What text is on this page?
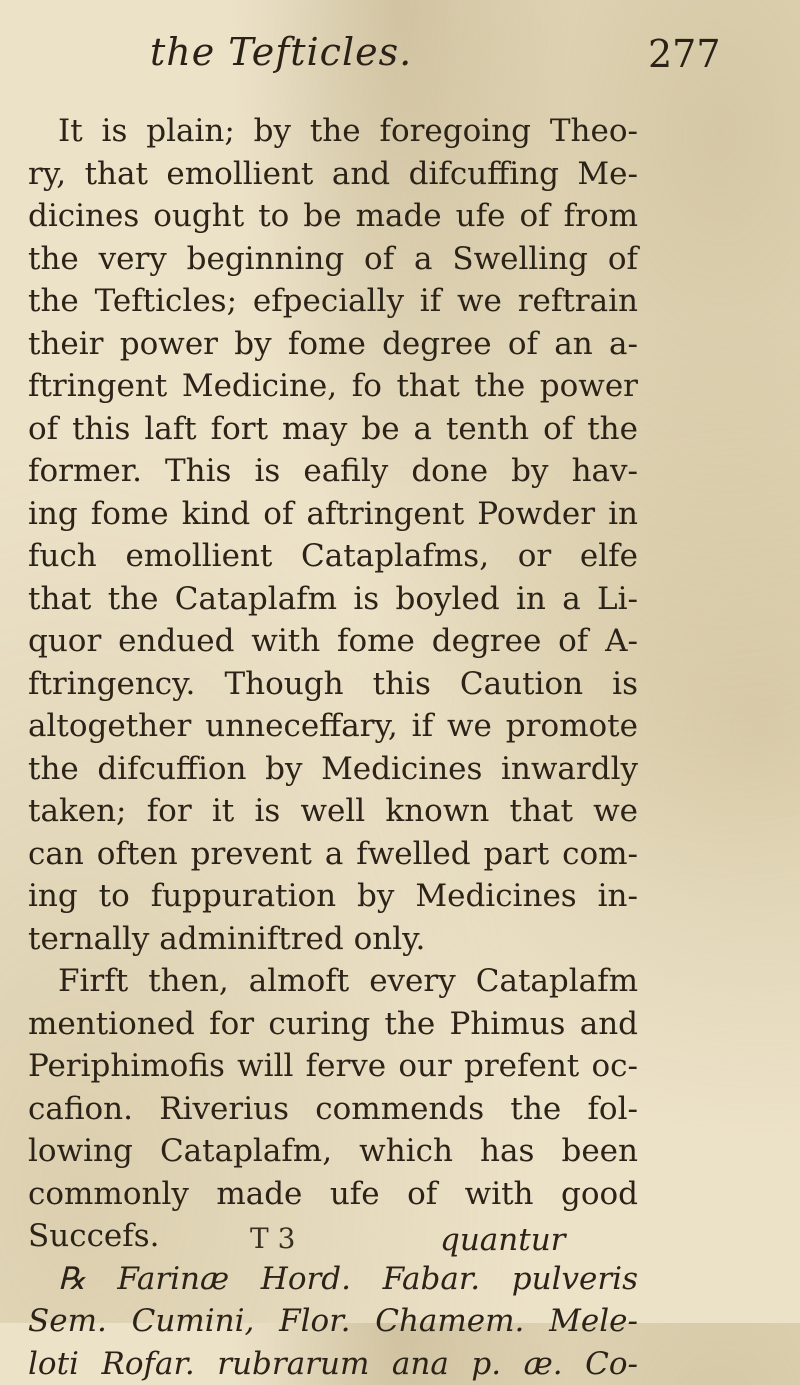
the Tefticles.	277
It is plain; by the foregoing Theo-
ry, that emollient and difcuffing Me-
dicines ought to be made ufe of from
the very beginning of a Swelling of
the Tefticles; efpecially if we reftrain
their power by fome degree of an a-
ftringent Medicine, fo that the power
of this laft fort may be a tenth of the
former. This is eafily done by hav-
ing fome kind of aftringent Powder in
fuch emollient Cataplafms, or elfe
that the Cataplafm is boyled in a Li-
quor endued with fome degree of A-
ftringency. Though this Caution is
altogether unneceffary, if we promote
the difcuffion by Medicines inwardly
taken; for it is well known that we
can often prevent a fwelled part com-
ing to fuppuration by Medicines in-
ternally adminiftred only.
Firft then, almoft every Cataplafm
mentioned for curing the Phimus and
Periphimofis will ferve our prefent oc-
cafion. Riverius commends the fol-
lowing Cataplafm, which has been
commonly made ufe of with good
Succefs.
℞ Farinæ Hord. Fabar. pulveris
Sem. Cumini, Flor. Chamem. Mele-
loti Rofar. rubrarum ana p. æ. Co-
T 3	quantur
